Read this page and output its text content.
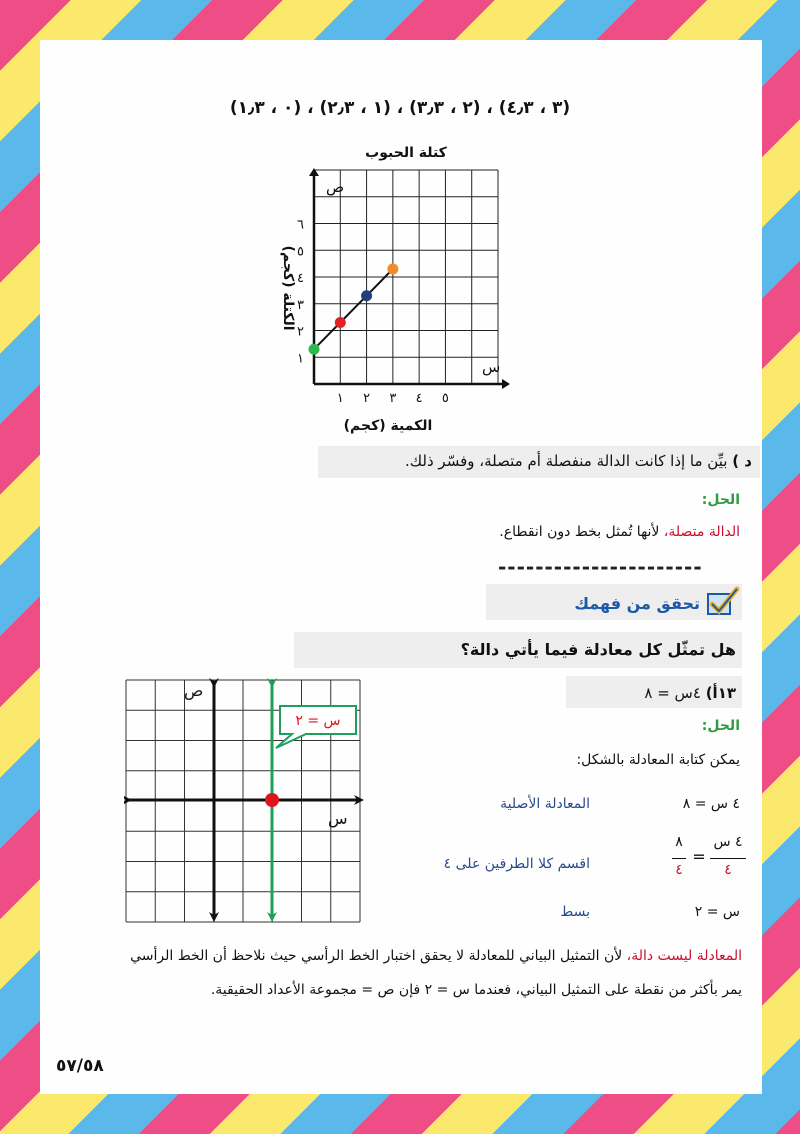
(٠ ، ١٫٣) ، (١ ، ٢٫٣) ، (٢ ، ٣٫٣) ، (٣ ، ٤٫٣)
كتلة الحبوب
١ ٢ ٣ ٤ ٥
١
٢
٣
٤
٥
٦
س
ص
الكمية (كجم)
الكتلة (كجم)
د ) بيِّن ما إذا كانت الدالة منفصلة أم متصلة، وفسّر ذلك.
الحل:
الدالة متصلة، لأنها تُمثل بخط دون انقطاع.
----------------------
تحقق من فهمك
هل تمثّل كل معادلة فيما يأتي دالة؟
١٣أ) ٤س = ٨
الحل:
يمكن كتابة المعادلة بالشكل:
٤ س = ٨
المعادلة الأصلية
٤ س
٤
=
٨
٤
اقسم كلا الطرفين على ٤
س = ٢
بسط
س = ٢
ص
س
المعادلة ليست دالة، لأن التمثيل البياني للمعادلة لا يحقق اختبار الخط الرأسي حيث نلاحظ أن الخط الرأسي
يمر بأكثر من نقطة على التمثيل البياني، فعندما س = ٢ فإن ص = مجموعة الأعداد الحقيقية.
٥٧/٥٨
